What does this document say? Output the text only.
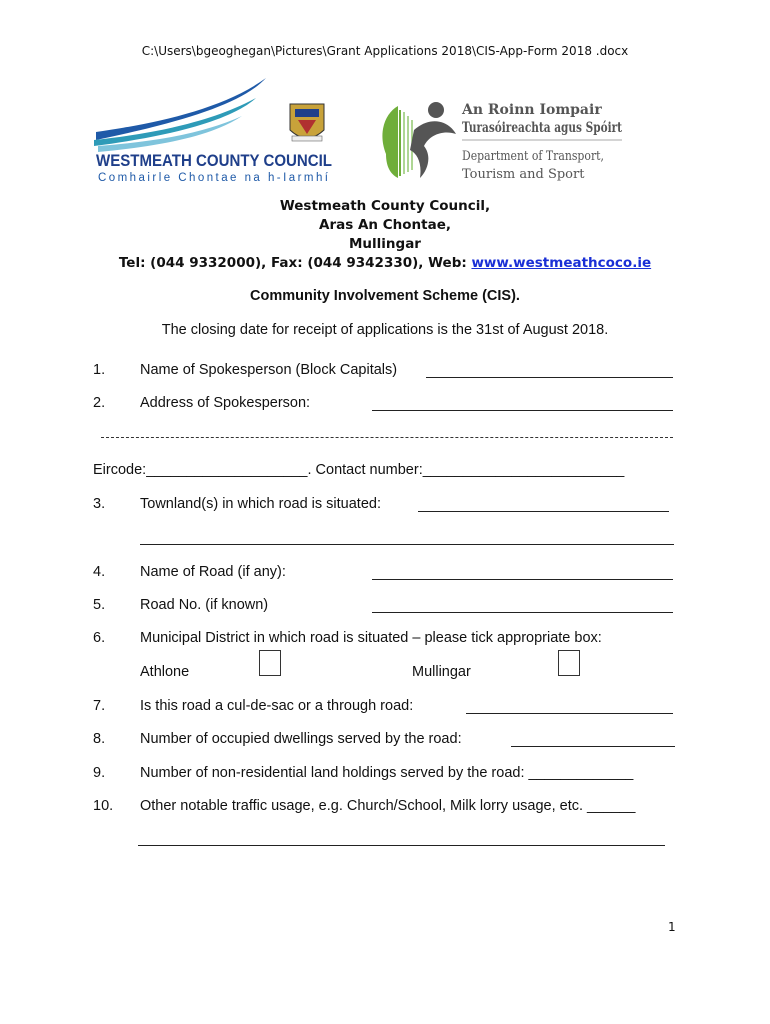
C:\Users\bgeoghegan\Pictures\Grant Applications 2018\CIS-App-Form 2018 .docx
WESTMEATH COUNTY COUNCIL
Comhairle Chontae na h-Iarmhí
An Roinn Iompair
Turasóireachta agus Spóirt
Department of Transport,
Tourism and Sport
Westmeath County Council,
Aras An Chontae,
Mullingar
Tel: (044 9332000), Fax: (044 9342330), Web: www.westmeathcoco.ie
Community Involvement Scheme (CIS).
The closing date for receipt of applications is the 31st of August 2018.
1. Name of Spokesperson (Block Capitals)
2. Address of Spokesperson:
Eircode:____________________. Contact number:_________________________
3. Townland(s) in which road is situated:
4. Name of Road (if any):
5. Road No. (if known)
6. Municipal District in which road is situated – please tick appropriate box:
Athlone	Mullingar
7. Is this road a cul-de-sac or a through road:
8. Number of occupied dwellings served by the road:
9. Number of non-residential land holdings served by the road: _____________
10. Other notable traffic usage, e.g. Church/School, Milk lorry usage, etc. ______
1
